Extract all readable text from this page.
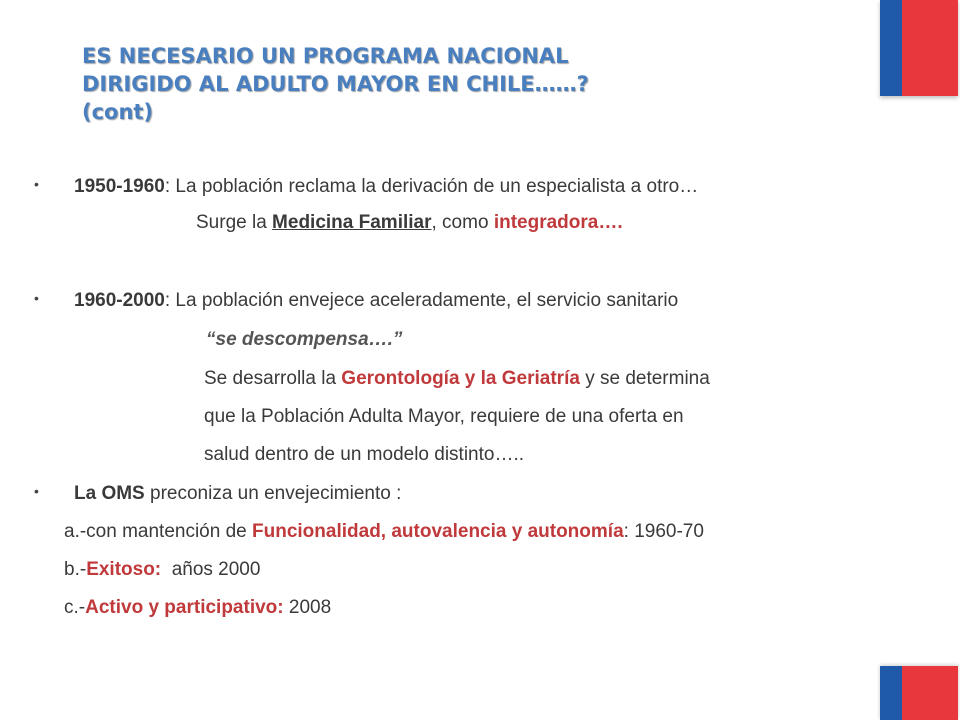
ES NECESARIO UN PROGRAMA NACIONAL
DIRIGIDO AL ADULTO MAYOR EN CHILE……?
(cont)
• 1950-1960: La población reclama la derivación de un especialista a otro…
Surge la Medicina Familiar, como integradora….
• 1960-2000: La población envejece aceleradamente, el servicio sanitario
“se descompensa….”
Se desarrolla la Gerontología y la Geriatría y se determina
que la Población Adulta Mayor, requiere de una oferta en
salud dentro de un modelo distinto…..
• La OMS preconiza un envejecimiento :
a.-con mantención de Funcionalidad, autovalencia y autonomía: 1960-70
b.-Exitoso:  años 2000
c.-Activo y participativo: 2008
